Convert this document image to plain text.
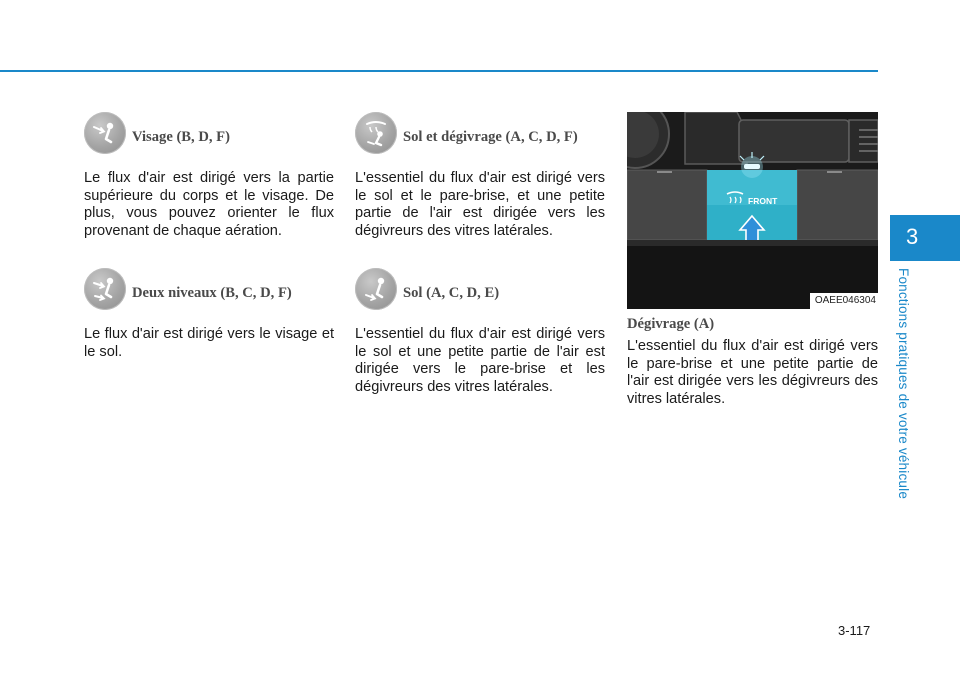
Visage (B, D, F)

Le flux d'air est dirigé vers la partie supérieure du corps et le visage. De plus, vous pouvez orienter le flux provenant de chaque aération.

Deux niveaux (B, C, D, F)

Le flux d'air est dirigé vers le visage et le sol.

Sol et dégivrage (A, C, D, F)

L'essentiel du flux d'air est dirigé vers le sol et le pare-brise, et une petite partie de l'air est dirigée vers les dégivreurs des vitres latérales.

Sol (A, C, D, E)

L'essentiel du flux d'air est dirigé vers le sol et une petite partie de l'air est dirigée vers le pare-brise et les dégivreurs des vitres latérales.

FRONT
OAEE046304
Dégivrage (A)

L'essentiel du flux d'air est dirigé vers le pare-brise et une petite partie de l'air est dirigée vers les dégivreurs des vitres latérales.

3
Fonctions pratiques de votre véhicule
3-117
